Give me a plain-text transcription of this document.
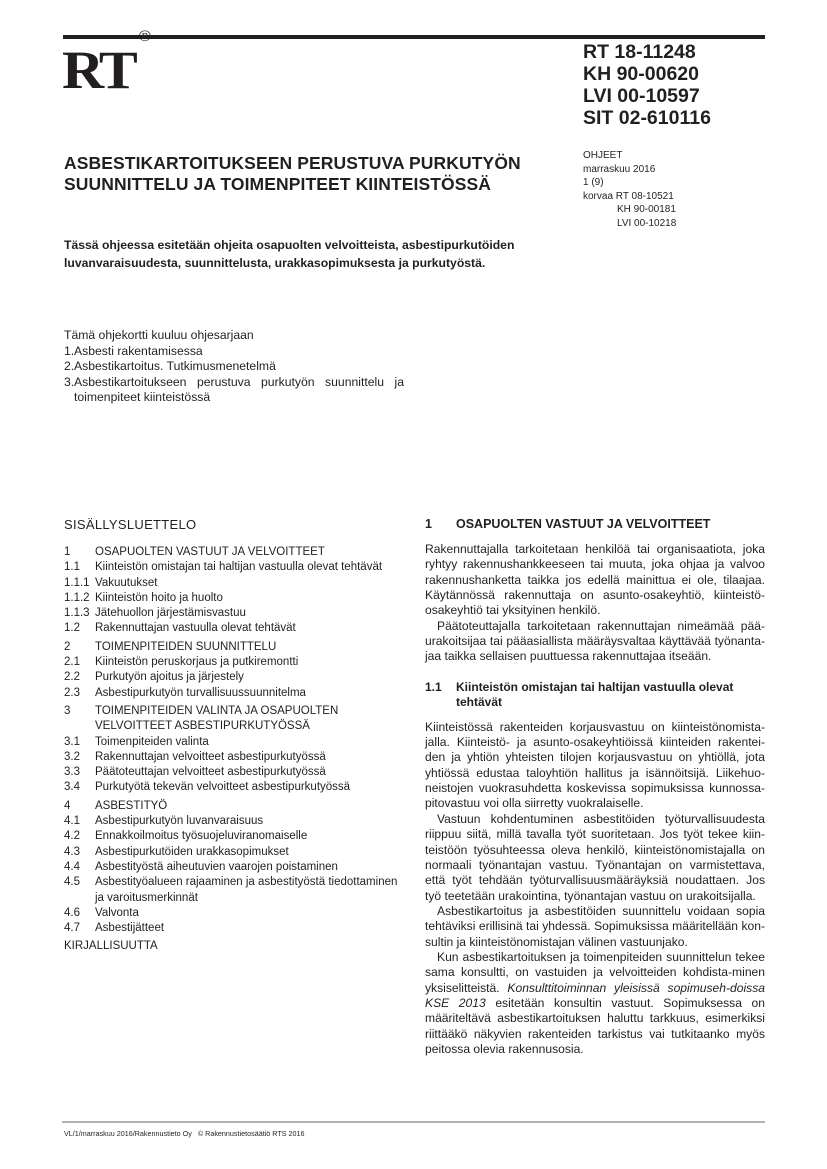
RT®
RT 18-11248
KH 90-00620
LVI 00-10597
SIT 02-610116
OHJEET
marraskuu 2016
1 (9)
korvaa RT 08-10521
KH 90-00181
LVI 00-10218
ASBESTIKARTOITUKSEEN PERUSTUVA PURKUTYÖN
SUUNNITTELU JA TOIMENPITEET KIINTEISTÖSSÄ
Tässä ohjeessa esitetään ohjeita osapuolten velvoitteista, asbestipurkutöiden luvanvaraisuudesta, suunnittelusta, urakkasopimuksesta ja purkutyöstä.
Tämä ohjekortti kuuluu ohjesarjaan
1. Asbesti rakentamisessa
2. Asbestikartoitus. Tutkimusmenetelmä
3. Asbestikartoitukseen perustuva purkutyön suunnittelu ja toimenpiteet kiinteistössä
SISÄLLYSLUETTELO
1	OSAPUOLTEN VASTUUT JA VELVOITTEET
1.1	Kiinteistön omistajan tai haltijan vastuulla olevat tehtävät
1.1.1 Vakuutukset
1.1.2 Kiinteistön hoito ja huolto
1.1.3 Jätehuollon järjestämisvastuu
1.2	Rakennuttajan vastuulla olevat tehtävät
2	TOIMENPITEIDEN SUUNNITTELU
2.1	Kiinteistön peruskorjaus ja putkiremontti
2.2	Purkutyön ajoitus ja järjestely
2.3	Asbestipurkutyön turvallisuussuunnitelma
3	TOIMENPITEIDEN VALINTA JA OSAPUOLTEN VELVOITTEET ASBESTIPURKUTYÖSSÄ
3.1	Toimenpiteiden valinta
3.2	Rakennuttajan velvoitteet asbestipurkutyössä
3.3	Päätoteuttajan velvoitteet asbestipurkutyössä
3.4	Purkutyötä tekevän velvoitteet asbestipurkutyössä
4	ASBESTITYÖ
4.1	Asbestipurkutyön luvanvaraisuus
4.2	Ennakkoilmoitus työsuojeluviranomaiselle
4.3	Asbestipurkutöiden urakkasopimukset
4.4	Asbestityöstä aiheutuvien vaarojen poistaminen
4.5	Asbestityöalueen rajaaminen ja asbestityöstä tiedottaminen ja varoitusmerkinnät
4.6	Valvonta
4.7	Asbestijätteet
KIRJALLISUUTTA
1	OSAPUOLTEN VASTUUT JA VELVOITTEET

Rakennuttajalla tarkoitetaan henkilöä tai organisaatiota, joka ryhtyy rakennushankkeeseen tai muuta, joka ohjaa ja valvoo rakennushanketta taikka jos edellä mainittua ei ole, tilaajaa. Käytännössä rakennuttaja on asunto-osakeyhtiö, kiinteistö-osakeyhtiö tai yksityinen henkilö.

Päätoteuttajalla tarkoitetaan rakennuttajan nimeämää pää-urakoitsijaa tai pääasiallista määräysvaltaa käyttävää työnanta-jaa taikka sellaisen puuttuessa rakennuttajaa itseään.

1.1	Kiinteistön omistajan tai haltijan vastuulla olevat tehtävät

Kiinteistössä rakenteiden korjausvastuu on kiinteistönomista-jalla. Kiinteistö- ja asunto-osakeyhtiöissä kiinteiden rakentei-den ja yhtiön yhteisten tilojen korjausvastuu on yhtiöllä, jota yhtiössä edustaa taloyhtiön hallitus ja isännöitsijä. Liikehuo-neistojen vuokrasuhdetta koskevissa sopimuksissa kunnossa-pitovastuu voi olla siirretty vuokralaiselle.

Vastuun kohdentuminen asbestitöiden työturvallisuudesta riippuu siitä, millä tavalla työt suoritetaan. Jos työt tekee kiin-teistöön työsuhteessa oleva henkilö, kiinteistönomistajalla on normaali työnantajan vastuu. Työnantajan on varmistettava, että työt tehdään työturvallisuusmääräyksiä noudattaen. Jos työ teetetään urakointina, työnantajan vastuu on urakoitsijalla.

Asbestikartoitus ja asbestitöiden suunnittelu voidaan sopia tehtäviksi erillisinä tai yhdessä. Sopimuksissa määritellään kon-sultin ja kiinteistönomistajan välinen vastuunjako.

Kun asbestikartoituksen ja toimenpiteiden suunnittelun tekee sama konsultti, on vastuiden ja velvoitteiden kohdista-minen yksiselitteistä. Konsulttitoiminnan yleisissä sopimuseh-doissa KSE 2013 esitetään konsultin vastuut. Sopimuksessa on määriteltävä asbestikartoituksen haluttu tarkkuus, esimerkiksi riittääkö näkyvien rakenteiden tarkistus vai tutkitaanko myös peitossa olevia rakennusosia.

VL/1/marraskuu 2016/Rakennustieto Oy © Rakennustietosäätiö RTS 2016
